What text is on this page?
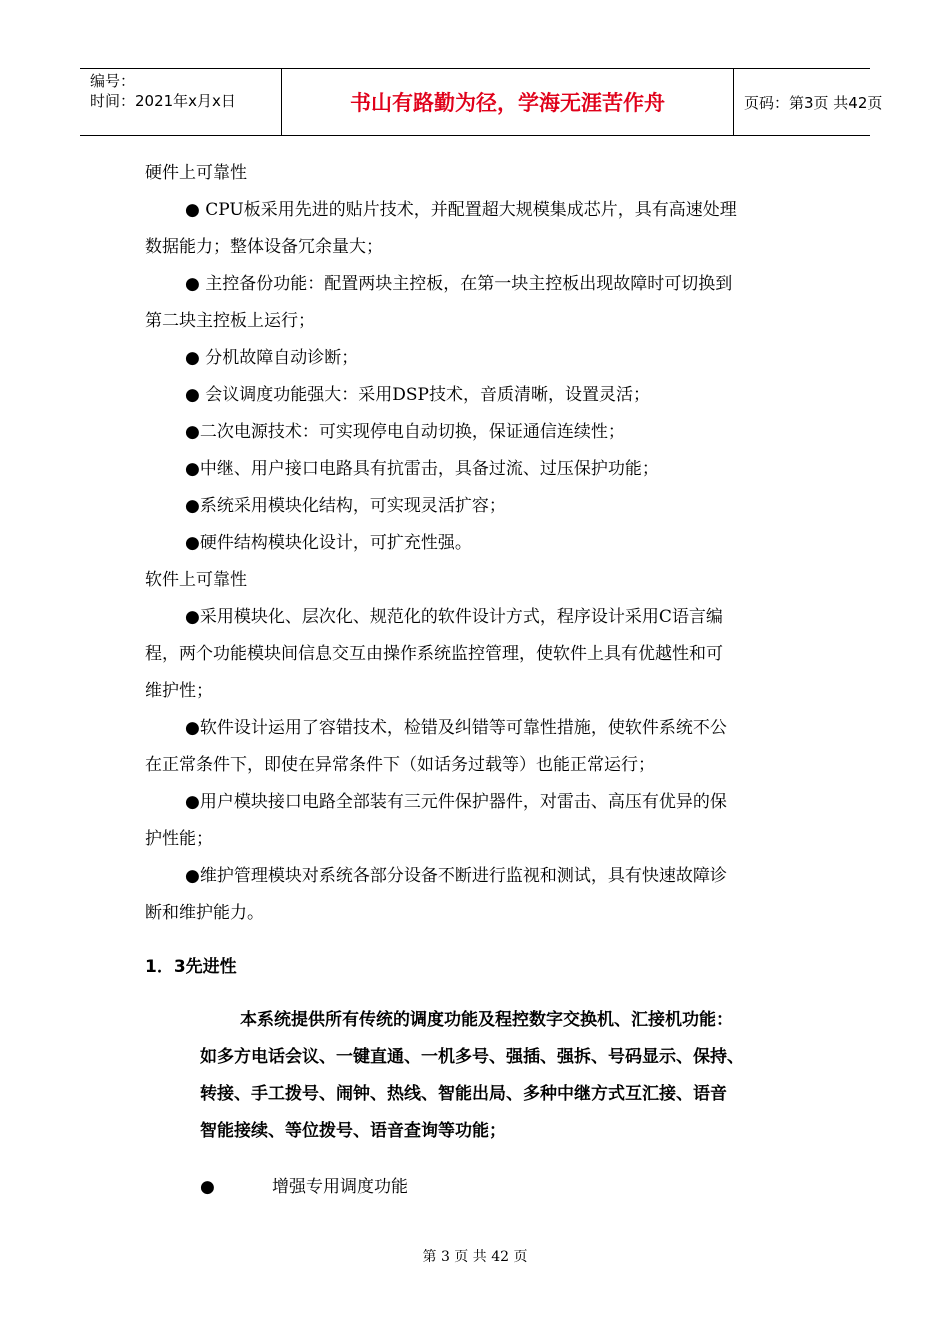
编号：
时间：2021年x月x日	书山有路勤为径，学海无涯苦作舟	页码：第3页 共42页
硬件上可靠性
● CPU板采用先进的贴片技术，并配置超大规模集成芯片，具有高速处理
数据能力；整体设备冗余量大；
● 主控备份功能：配置两块主控板，在第一块主控板出现故障时可切换到
第二块主控板上运行；
● 分机故障自动诊断；
● 会议调度功能强大：采用DSP技术，音质清晰，设置灵活；
●二次电源技术：可实现停电自动切换，保证通信连续性；
●中继、用户接口电路具有抗雷击，具备过流、过压保护功能；
●系统采用模块化结构，可实现灵活扩容；
●硬件结构模块化设计，可扩充性强。
软件上可靠性
●采用模块化、层次化、规范化的软件设计方式，程序设计采用C语言编
程，两个功能模块间信息交互由操作系统监控管理，使软件上具有优越性和可
维护性；
●软件设计运用了容错技术，检错及纠错等可靠性措施，使软件系统不公
在正常条件下，即使在异常条件下（如话务过载等）也能正常运行；
●用户模块接口电路全部装有三元件保护器件，对雷击、高压有优异的保
护性能；
●维护管理模块对系统各部分设备不断进行监视和测试，具有快速故障诊
断和维护能力。
1．3先进性
本系统提供所有传统的调度功能及程控数字交换机、汇接机功能：
如多方电话会议、一键直通、一机多号、强插、强拆、号码显示、保持、
转接、手工拨号、闹钟、热线、智能出局、多种中继方式互汇接、语音
智能接续、等位拨号、语音查询等功能；
●	增强专用调度功能
第 3 页 共 42 页
